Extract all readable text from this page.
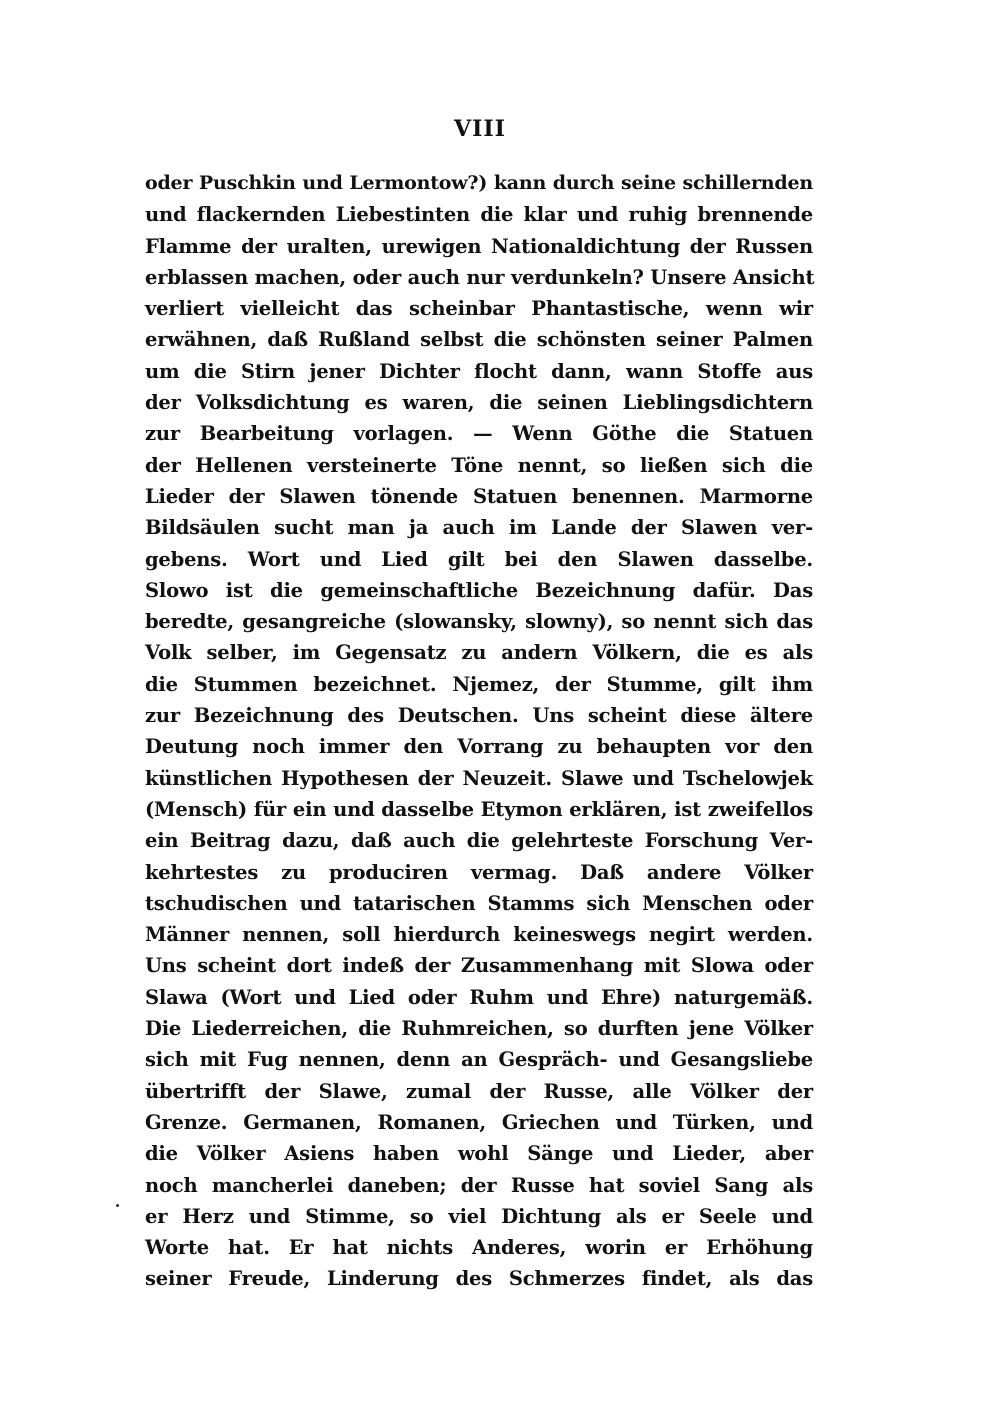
VIII
oder Puschkin und Lermontow?) kann durch seine schillernden
und flackernden Liebestinten die klar und ruhig brennende
Flamme der uralten, urewigen Nationaldichtung der Russen
erblassen machen, oder auch nur verdunkeln? Unsere Ansicht
verliert vielleicht das scheinbar Phantastische, wenn wir
erwähnen, daß Rußland selbst die schönsten seiner Palmen
um die Stirn jener Dichter flocht dann, wann Stoffe aus
der Volksdichtung es waren, die seinen Lieblingsdichtern
zur Bearbeitung vorlagen. — Wenn Göthe die Statuen
der Hellenen versteinerte Töne nennt, so ließen sich die
Lieder der Slawen tönende Statuen benennen. Marmorne
Bildsäulen sucht man ja auch im Lande der Slawen ver-
gebens. Wort und Lied gilt bei den Slawen dasselbe.
Slowo ist die gemeinschaftliche Bezeichnung dafür. Das
beredte, gesangreiche (slowansky, slowny), so nennt sich das
Volk selber, im Gegensatz zu andern Völkern, die es als
die Stummen bezeichnet. Njemez, der Stumme, gilt ihm
zur Bezeichnung des Deutschen. Uns scheint diese ältere
Deutung noch immer den Vorrang zu behaupten vor den
künstlichen Hypothesen der Neuzeit. Slawe und Tschelowjek
(Mensch) für ein und dasselbe Etymon erklären, ist zweifellos
ein Beitrag dazu, daß auch die gelehrteste Forschung Ver-
kehrtestes zu produciren vermag. Daß andere Völker
tschudischen und tatarischen Stamms sich Menschen oder
Männer nennen, soll hierdurch keineswegs negirt werden.
Uns scheint dort indeß der Zusammenhang mit Slowa oder
Slawa (Wort und Lied oder Ruhm und Ehre) naturgemäß.
Die Liederreichen, die Ruhmreichen, so durften jene Völker
sich mit Fug nennen, denn an Gespräch- und Gesangsliebe
übertrifft der Slawe, zumal der Russe, alle Völker der
Grenze. Germanen, Romanen, Griechen und Türken, und
die Völker Asiens haben wohl Sänge und Lieder, aber
noch mancherlei daneben; der Russe hat soviel Sang als
er Herz und Stimme, so viel Dichtung als er Seele und
Worte hat. Er hat nichts Anderes, worin er Erhöhung
seiner Freude, Linderung des Schmerzes findet, als das
